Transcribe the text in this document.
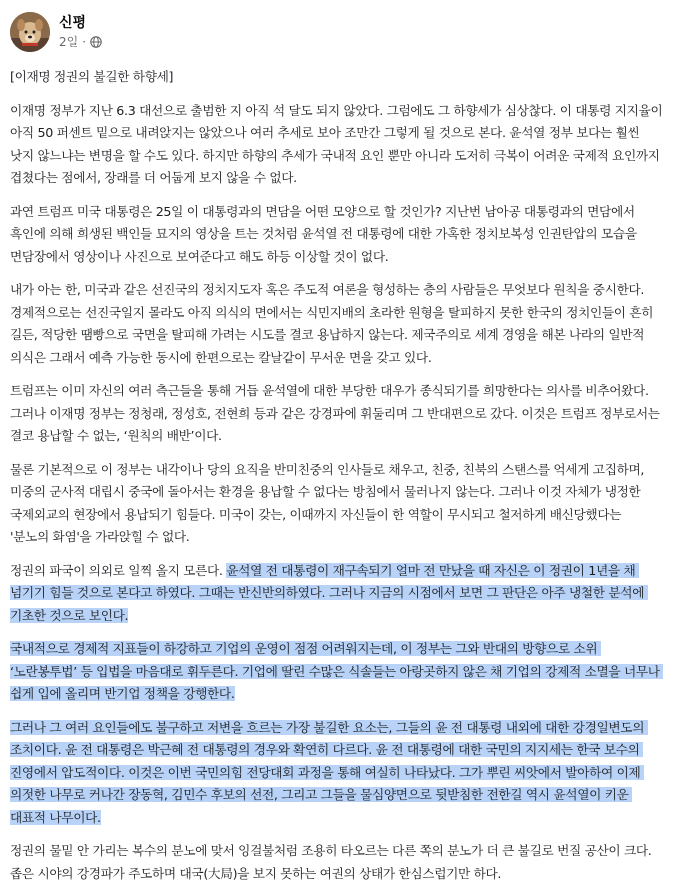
신평
2일 ·
[이재명 정권의 불길한 하향세]
이재명 정부가 지난 6.3 대선으로 출범한 지 아직 석 달도 되지 않았다. 그럼에도 그 하향세가 심상찮다. 이 대통령 지지율이 아직 50 퍼센트 밑으로 내려앉지는 않았으나 여러 추세로 보아 조만간 그렇게 될 것으로 본다. 윤석열 정부 보다는 훨씬 낫지 않느냐는 변명을 할 수도 있다. 하지만 하향의 추세가 국내적 요인 뿐만 아니라 도저히 극복이 어려운 국제적 요인까지 겹쳤다는 점에서, 장래를 더 어둡게 보지 않을 수 없다.
과연 트럼프 미국 대통령은 25일 이 대통령과의 면담을 어떤 모양으로 할 것인가? 지난번 남아공 대통령과의 면담에서 흑인에 의해 희생된 백인들 묘지의 영상을 트는 것처럼 윤석열 전 대통령에 대한 가혹한 정치보복성 인권탄압의 모습을 면담장에서 영상이나 사진으로 보여준다고 해도 하등 이상할 것이 없다.
내가 아는 한, 미국과 같은 선진국의 정치지도자 혹은 주도적 여론을 형성하는 층의 사람들은 무엇보다 원칙을 중시한다. 경제적으로는 선진국일지 몰라도 아직 의식의 면에서는 식민지배의 초라한 원형을 탈피하지 못한 한국의 정치인들이 흔히 길든, 적당한 땜빵으로 국면을 탈피해 가려는 시도를 결코 용납하지 않는다. 제국주의로 세계 경영을 해본 나라의 일반적 의식은 그래서 예측 가능한 동시에 한편으로는 칼날같이 무서운 면을 갖고 있다.
트럼프는 이미 자신의 여러 측근들을 통해 거듭 윤석열에 대한 부당한 대우가 종식되기를 희망한다는 의사를 비추어왔다. 그러나 이재명 정부는 정청래, 정성호, 전현희 등과 같은 강경파에 휘둘리며 그 반대편으로 갔다. 이것은 트럼프 정부로서는 결코 용납할 수 없는, ‘원칙의 배반’이다.
물론 기본적으로 이 정부는 내각이나 당의 요직을 반미친중의 인사들로 채우고, 친중, 친북의 스탠스를 억세게 고집하며, 미중의 군사적 대립시 중국에 돌아서는 환경을 용납할 수 없다는 방침에서 물러나지 않는다. 그러나 이것 자체가 냉정한 국제외교의 현장에서 용납되기 힘들다. 미국이 갖는, 이때까지 자신들이 한 역할이 무시되고 철저하게 배신당했다는 '분노의 화염'을 가라앉힐 수 없다.
정권의 파국이 의외로 일찍 올지 모른다. 윤석열 전 대통령이 재구속되기 얼마 전 만났을 때 자신은 이 정권이 1년을 채 넘기기 힘들 것으로 본다고 하였다. 그때는 반신반의하였다. 그러나 지금의 시점에서 보면 그 판단은 아주 냉철한 분석에 기초한 것으로 보인다.
국내적으로 경제적 지표들이 하강하고 기업의 운영이 점점 어려워지는데, 이 정부는 그와 반대의 방향으로 소위 ‘노란봉투법’ 등 입법을 마음대로 휘두른다. 기업에 딸린 수많은 식솔들는 아랑곳하지 않은 채 기업의 강제적 소멸을 너무나 쉽게 입에 올리며 반기업 정책을 강행한다.
그러나 그 여러 요인들에도 불구하고 저변을 흐르는 가장 불길한 요소는, 그들의 윤 전 대통령 내외에 대한 강경일변도의 조치이다. 윤 전 대통령은 박근혜 전 대통령의 경우와 확연히 다르다. 윤 전 대통령에 대한 국민의 지지세는 한국 보수의 진영에서 압도적이다. 이것은 이번 국민의힘 전당대회 과정을 통해 여실히 나타났다. 그가 뿌린 씨앗에서 발아하여 이제 의젓한 나무로 커나간 장동혁, 김민수 후보의 선전, 그리고 그들을 물심양면으로 뒷받침한 전한길 역시 윤석열이 키운 대표적 나무이다.
정권의 물밑 안 가리는 복수의 분노에 맞서 잉걸불처럼 조용히 타오르는 다른 쪽의 분노가 더 큰 불길로 번질 공산이 크다. 좁은 시야의 강경파가 주도하며 대국(大局)을 보지 못하는 여권의 상태가 한심스럽기만 하다.
